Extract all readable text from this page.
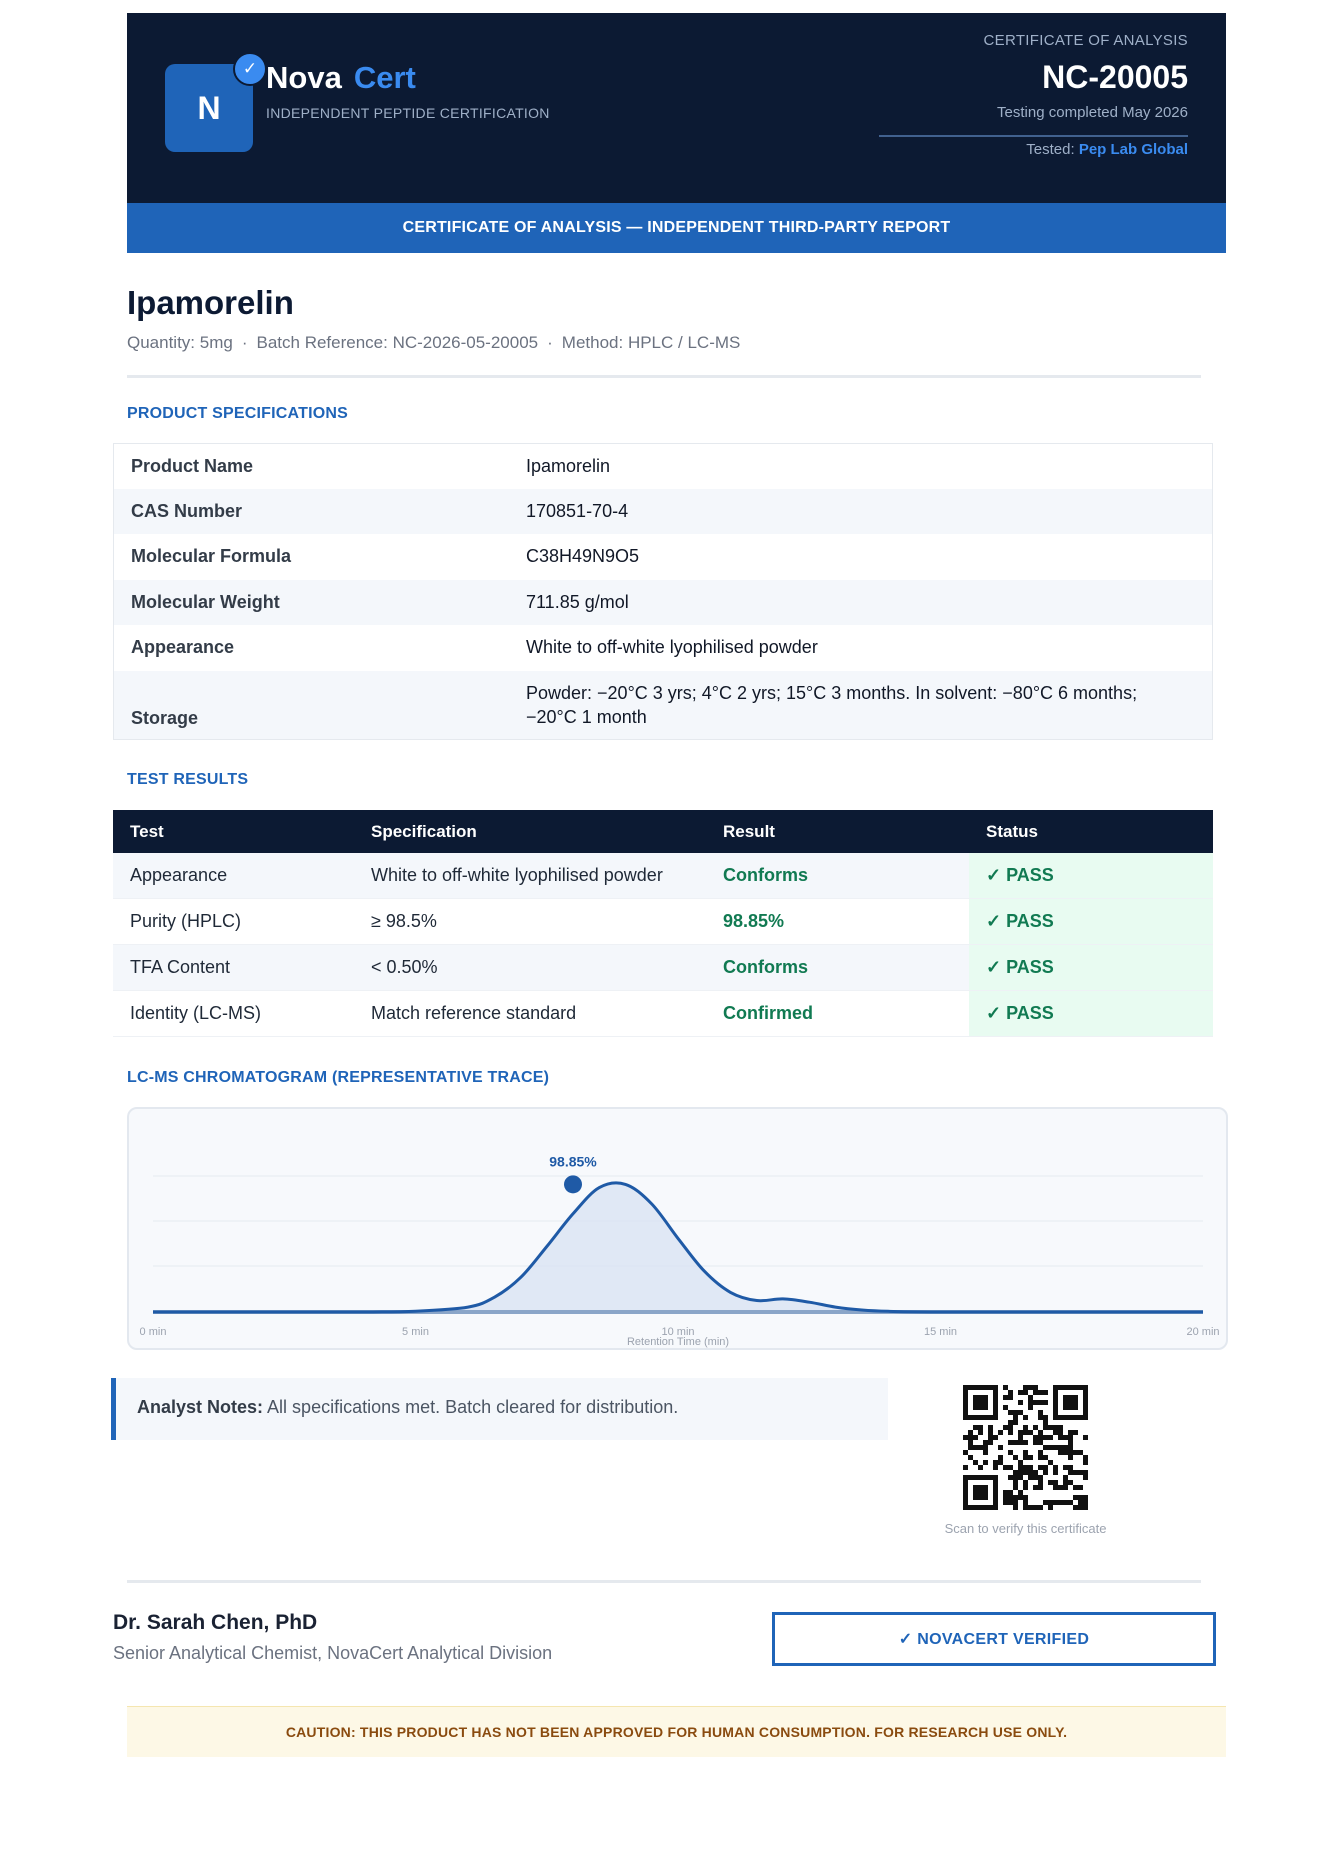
N
✓ Nova Cert
INDEPENDENT PEPTIDE CERTIFICATION
CERTIFICATE OF ANALYSIS
NC-20005
Testing completed May 2026
Tested: Pep Lab Global
CERTIFICATE OF ANALYSIS — INDEPENDENT THIRD-PARTY REPORT
Ipamorelin
Quantity: 5mg · Batch Reference: NC-2026-05-20005 · Method: HPLC / LC-MS
PRODUCT SPECIFICATIONS
Product Name	Ipamorelin
CAS Number	170851-70-4
Molecular Formula	C38H49N9O5
Molecular Weight	711.85 g/mol
Appearance	White to off-white lyophilised powder
Storage	Powder: −20°C 3 yrs; 4°C 2 yrs; 15°C 3 months. In solvent: −80°C 6 months; −20°C 1 month
TEST RESULTS
Test	Specification	Result	Status
Appearance	White to off-white lyophilised powder	Conforms	✓ PASS
Purity (HPLC)	≥ 98.5%	98.85%	✓ PASS
TFA Content	< 0.50%	Conforms	✓ PASS
Identity (LC-MS)	Match reference standard	Confirmed	✓ PASS
LC-MS CHROMATOGRAM (REPRESENTATIVE TRACE)
98.85%
0 min	5 min	10 min	15 min	20 min
Retention Time (min)
Analyst Notes: All specifications met. Batch cleared for distribution.
Scan to verify this certificate
Dr. Sarah Chen, PhD
Senior Analytical Chemist, NovaCert Analytical Division
✓ NOVACERT VERIFIED
CAUTION: THIS PRODUCT HAS NOT BEEN APPROVED FOR HUMAN CONSUMPTION. FOR RESEARCH USE ONLY.
